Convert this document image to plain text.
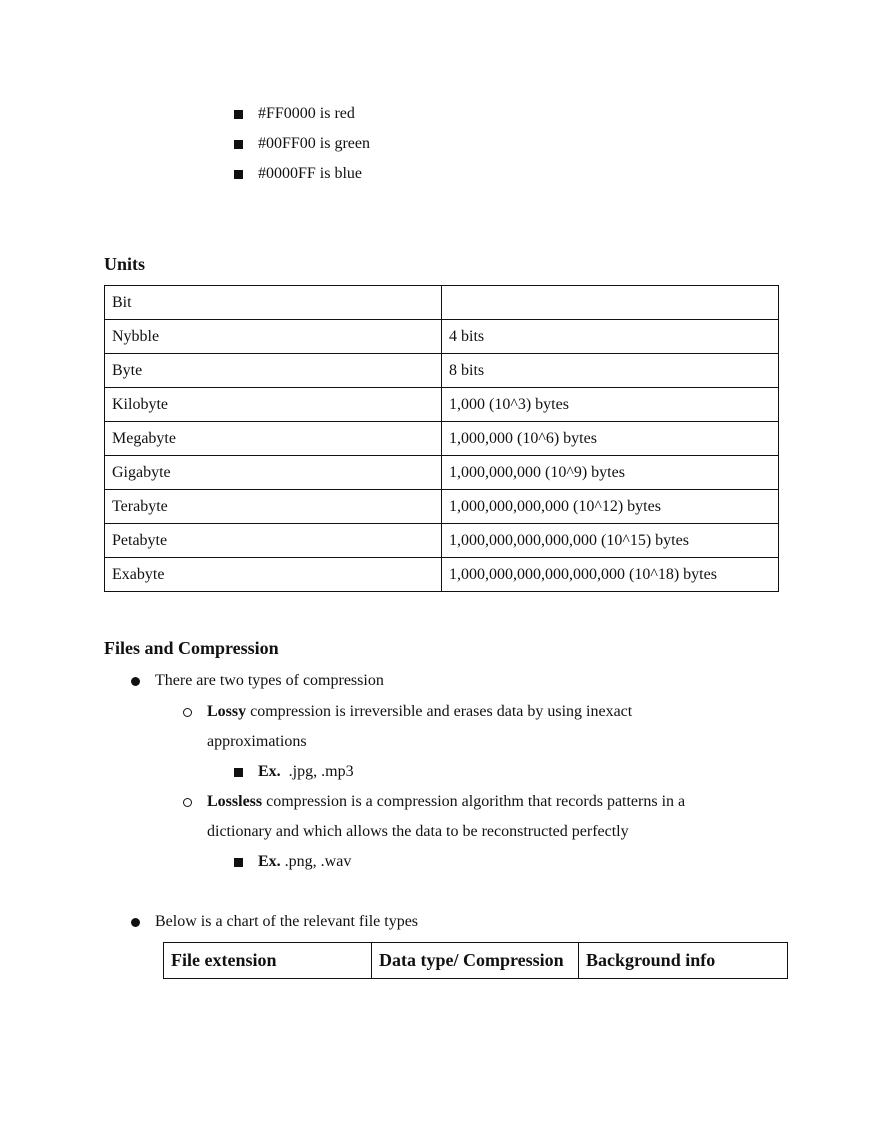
#FF0000 is red
#00FF00 is green
#0000FF is blue
Units
Bit	
Nybble	4 bits
Byte	8 bits
Kilobyte	1,000 (10^3) bytes
Megabyte	1,000,000 (10^6) bytes
Gigabyte	1,000,000,000 (10^9) bytes
Terabyte	1,000,000,000,000 (10^12) bytes
Petabyte	1,000,000,000,000,000 (10^15) bytes
Exabyte	1,000,000,000,000,000,000 (10^18) bytes
Files and Compression
There are two types of compression
Lossy compression is irreversible and erases data by using inexact
approximations
Ex.  .jpg, .mp3
Lossless compression is a compression algorithm that records patterns in a
dictionary and which allows the data to be reconstructed perfectly
Ex. .png, .wav
Below is a chart of the relevant file types
File extension	Data type/ Compression	Background info
